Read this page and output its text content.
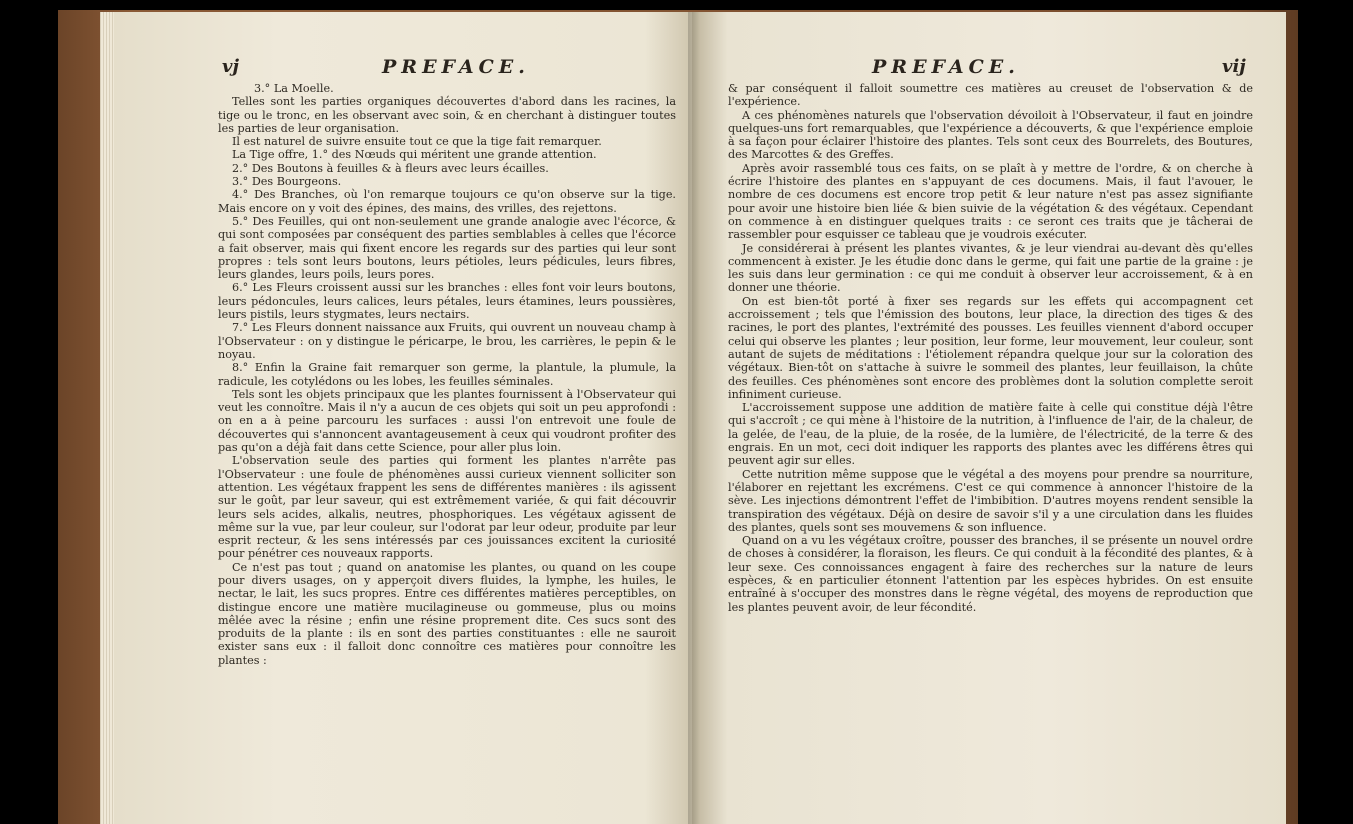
vj	PREFACE.

3.° La Moelle.

Telles sont les parties organiques découvertes d'abord dans les racines, la tige ou le tronc, en les observant avec soin, & en cherchant à distinguer toutes les parties de leur organisation.

Il est naturel de suivre ensuite tout ce que la tige fait remarquer.

La Tige offre, 1.° des Nœuds qui méritent une grande attention.

2.° Des Boutons à feuilles & à fleurs avec leurs écailles.

3.° Des Bourgeons.

4.° Des Branches, où l'on remarque toujours ce qu'on observe sur la tige. Mais encore on y voit des épines, des mains, des vrilles, des rejettons.

5.° Des Feuilles, qui ont non-seulement une grande analogie avec l'écorce, & qui sont composées par conséquent des parties semblables à celles que l'écorce a fait observer, mais qui fixent encore les regards sur des parties qui leur sont propres : tels sont leurs boutons, leurs pétioles, leurs pédicules, leurs fibres, leurs glandes, leurs poils, leurs pores.

6.° Les Fleurs croissent aussi sur les branches : elles font voir leurs boutons, leurs pédoncules, leurs calices, leurs pétales, leurs étamines, leurs poussières, leurs pistils, leurs stygmates, leurs nectairs.

7.° Les Fleurs donnent naissance aux Fruits, qui ouvrent un nouveau champ à l'Observateur : on y distingue le péricarpe, le brou, les carrières, le pepin & le noyau.

8.° Enfin la Graine fait remarquer son germe, la plantule, la plumule, la radicule, les cotylédons ou les lobes, les feuilles séminales.

Tels sont les objets principaux que les plantes fournissent à l'Observateur qui veut les connoître. Mais il n'y a aucun de ces objets qui soit un peu approfondi : on en a à peine parcouru les surfaces : aussi l'on entrevoit une foule de découvertes qui s'annoncent avantageusement à ceux qui voudront profiter des pas qu'on a déjà fait dans cette Science, pour aller plus loin.

L'observation seule des parties qui forment les plantes n'arrête pas l'Observateur : une foule de phénomènes aussi curieux viennent solliciter son attention. Les végétaux frappent les sens de différentes manières : ils agissent sur le goût, par leur saveur, qui est extrêmement variée, & qui fait découvrir leurs sels acides, alkalis, neutres, phosphoriques. Les végétaux agissent de même sur la vue, par leur couleur, sur l'odorat par leur odeur, produite par leur esprit recteur, & les sens intéressés par ces jouissances excitent la curiosité pour pénétrer ces nouveaux rapports.

Ce n'est pas tout ; quand on anatomise les plantes, ou quand on les coupe pour divers usages, on y apperçoit divers fluides, la lymphe, les huiles, le nectar, le lait, les sucs propres. Entre ces différentes matières perceptibles, on distingue encore une matière mucilagineuse ou gommeuse, plus ou moins mêlée avec la résine ; enfin une résine proprement dite. Ces sucs sont des produits de la plante : ils en sont des parties constituantes : elle ne sauroit exister sans eux : il falloit donc connoître ces matières pour connoître les plantes :

PREFACE.	vij

& par conséquent il falloit soumettre ces matières au creuset de l'observation & de l'expérience.

A ces phénomènes naturels que l'observation dévoiloit à l'Observateur, il faut en joindre quelques-uns fort remarquables, que l'expérience a découverts, & que l'expérience emploie à sa façon pour éclairer l'histoire des plantes. Tels sont ceux des Bourrelets, des Boutures, des Marcottes & des Greffes.

Après avoir rassemblé tous ces faits, on se plaît à y mettre de l'ordre, & on cherche à écrire l'histoire des plantes en s'appuyant de ces documens. Mais, il faut l'avouer, le nombre de ces documens est encore trop petit & leur nature n'est pas assez signifiante pour avoir une histoire bien liée & bien suivie de la végétation & des végétaux. Cependant on commence à en distinguer quelques traits : ce seront ces traits que je tâcherai de rassembler pour esquisser ce tableau que je voudrois exécuter.

Je considérerai à présent les plantes vivantes, & je leur viendrai au-devant dès qu'elles commencent à exister. Je les étudie donc dans le germe, qui fait une partie de la graine : je les suis dans leur germination : ce qui me conduit à observer leur accroissement, & à en donner une théorie.

On est bien-tôt porté à fixer ses regards sur les effets qui accompagnent cet accroissement ; tels que l'émission des boutons, leur place, la direction des tiges & des racines, le port des plantes, l'extrémité des pousses. Les feuilles viennent d'abord occuper celui qui observe les plantes ; leur position, leur forme, leur mouvement, leur couleur, sont autant de sujets de méditations : l'étiolement répandra quelque jour sur la coloration des végétaux. Bien-tôt on s'attache à suivre le sommeil des plantes, leur feuillaison, la chûte des feuilles. Ces phénomènes sont encore des problèmes dont la solution complette seroit infiniment curieuse.

L'accroissement suppose une addition de matière faite à celle qui constitue déjà l'être qui s'accroît ; ce qui mène à l'histoire de la nutrition, à l'influence de l'air, de la chaleur, de la gelée, de l'eau, de la pluie, de la rosée, de la lumière, de l'électricité, de la terre & des engrais. En un mot, ceci doit indiquer les rapports des plantes avec les différens êtres qui peuvent agir sur elles.

Cette nutrition même suppose que le végétal a des moyens pour prendre sa nourriture, l'élaborer en rejettant les excrémens. C'est ce qui commence à annoncer l'histoire de la sève. Les injections démontrent l'effet de l'imbibition. D'autres moyens rendent sensible la transpiration des végétaux. Déjà on desire de savoir s'il y a une circulation dans les fluides des plantes, quels sont ses mouvemens & son influence.

Quand on a vu les végétaux croître, pousser des branches, il se présente un nouvel ordre de choses à considérer, la floraison, les fleurs. Ce qui conduit à la fécondité des plantes, & à leur sexe. Ces connoissances engagent à faire des recherches sur la nature de leurs espèces, & en particulier étonnent l'attention par les espèces hybrides. On est ensuite entraîné à s'occuper des monstres dans le règne végétal, des moyens de reproduction que les plantes peuvent avoir, de leur fécondité.
